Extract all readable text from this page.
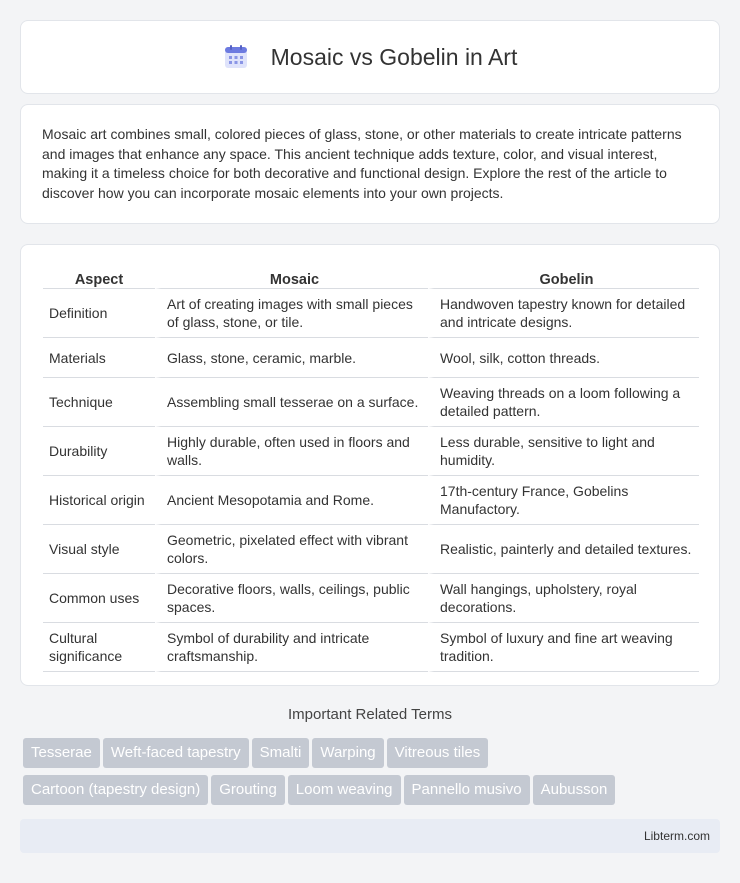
Mosaic vs Gobelin in Art

Mosaic art combines small, colored pieces of glass, stone, or other materials to create intricate patterns and images that enhance any space. This ancient technique adds texture, color, and visual interest, making it a timeless choice for both decorative and functional design. Explore the rest of the article to discover how you can incorporate mosaic elements into your own projects.

Aspect	Mosaic	Gobelin
Definition	Art of creating images with small pieces of glass, stone, or tile.	Handwoven tapestry known for detailed and intricate designs.
Materials	Glass, stone, ceramic, marble.	Wool, silk, cotton threads.
Technique	Assembling small tesserae on a surface.	Weaving threads on a loom following a detailed pattern.
Durability	Highly durable, often used in floors and walls.	Less durable, sensitive to light and humidity.
Historical origin	Ancient Mesopotamia and Rome.	17th-century France, Gobelins Manufactory.
Visual style	Geometric, pixelated effect with vibrant colors.	Realistic, painterly and detailed textures.
Common uses	Decorative floors, walls, ceilings, public spaces.	Wall hangings, upholstery, royal decorations.
Cultural significance	Symbol of durability and intricate craftsmanship.	Symbol of luxury and fine art weaving tradition.
Important Related Terms
Tesserae Weft-faced tapestry Smalti Warping Vitreous tiles
Cartoon (tapestry design) Grouting Loom weaving Pannello musivo Aubusson
Libterm.com
